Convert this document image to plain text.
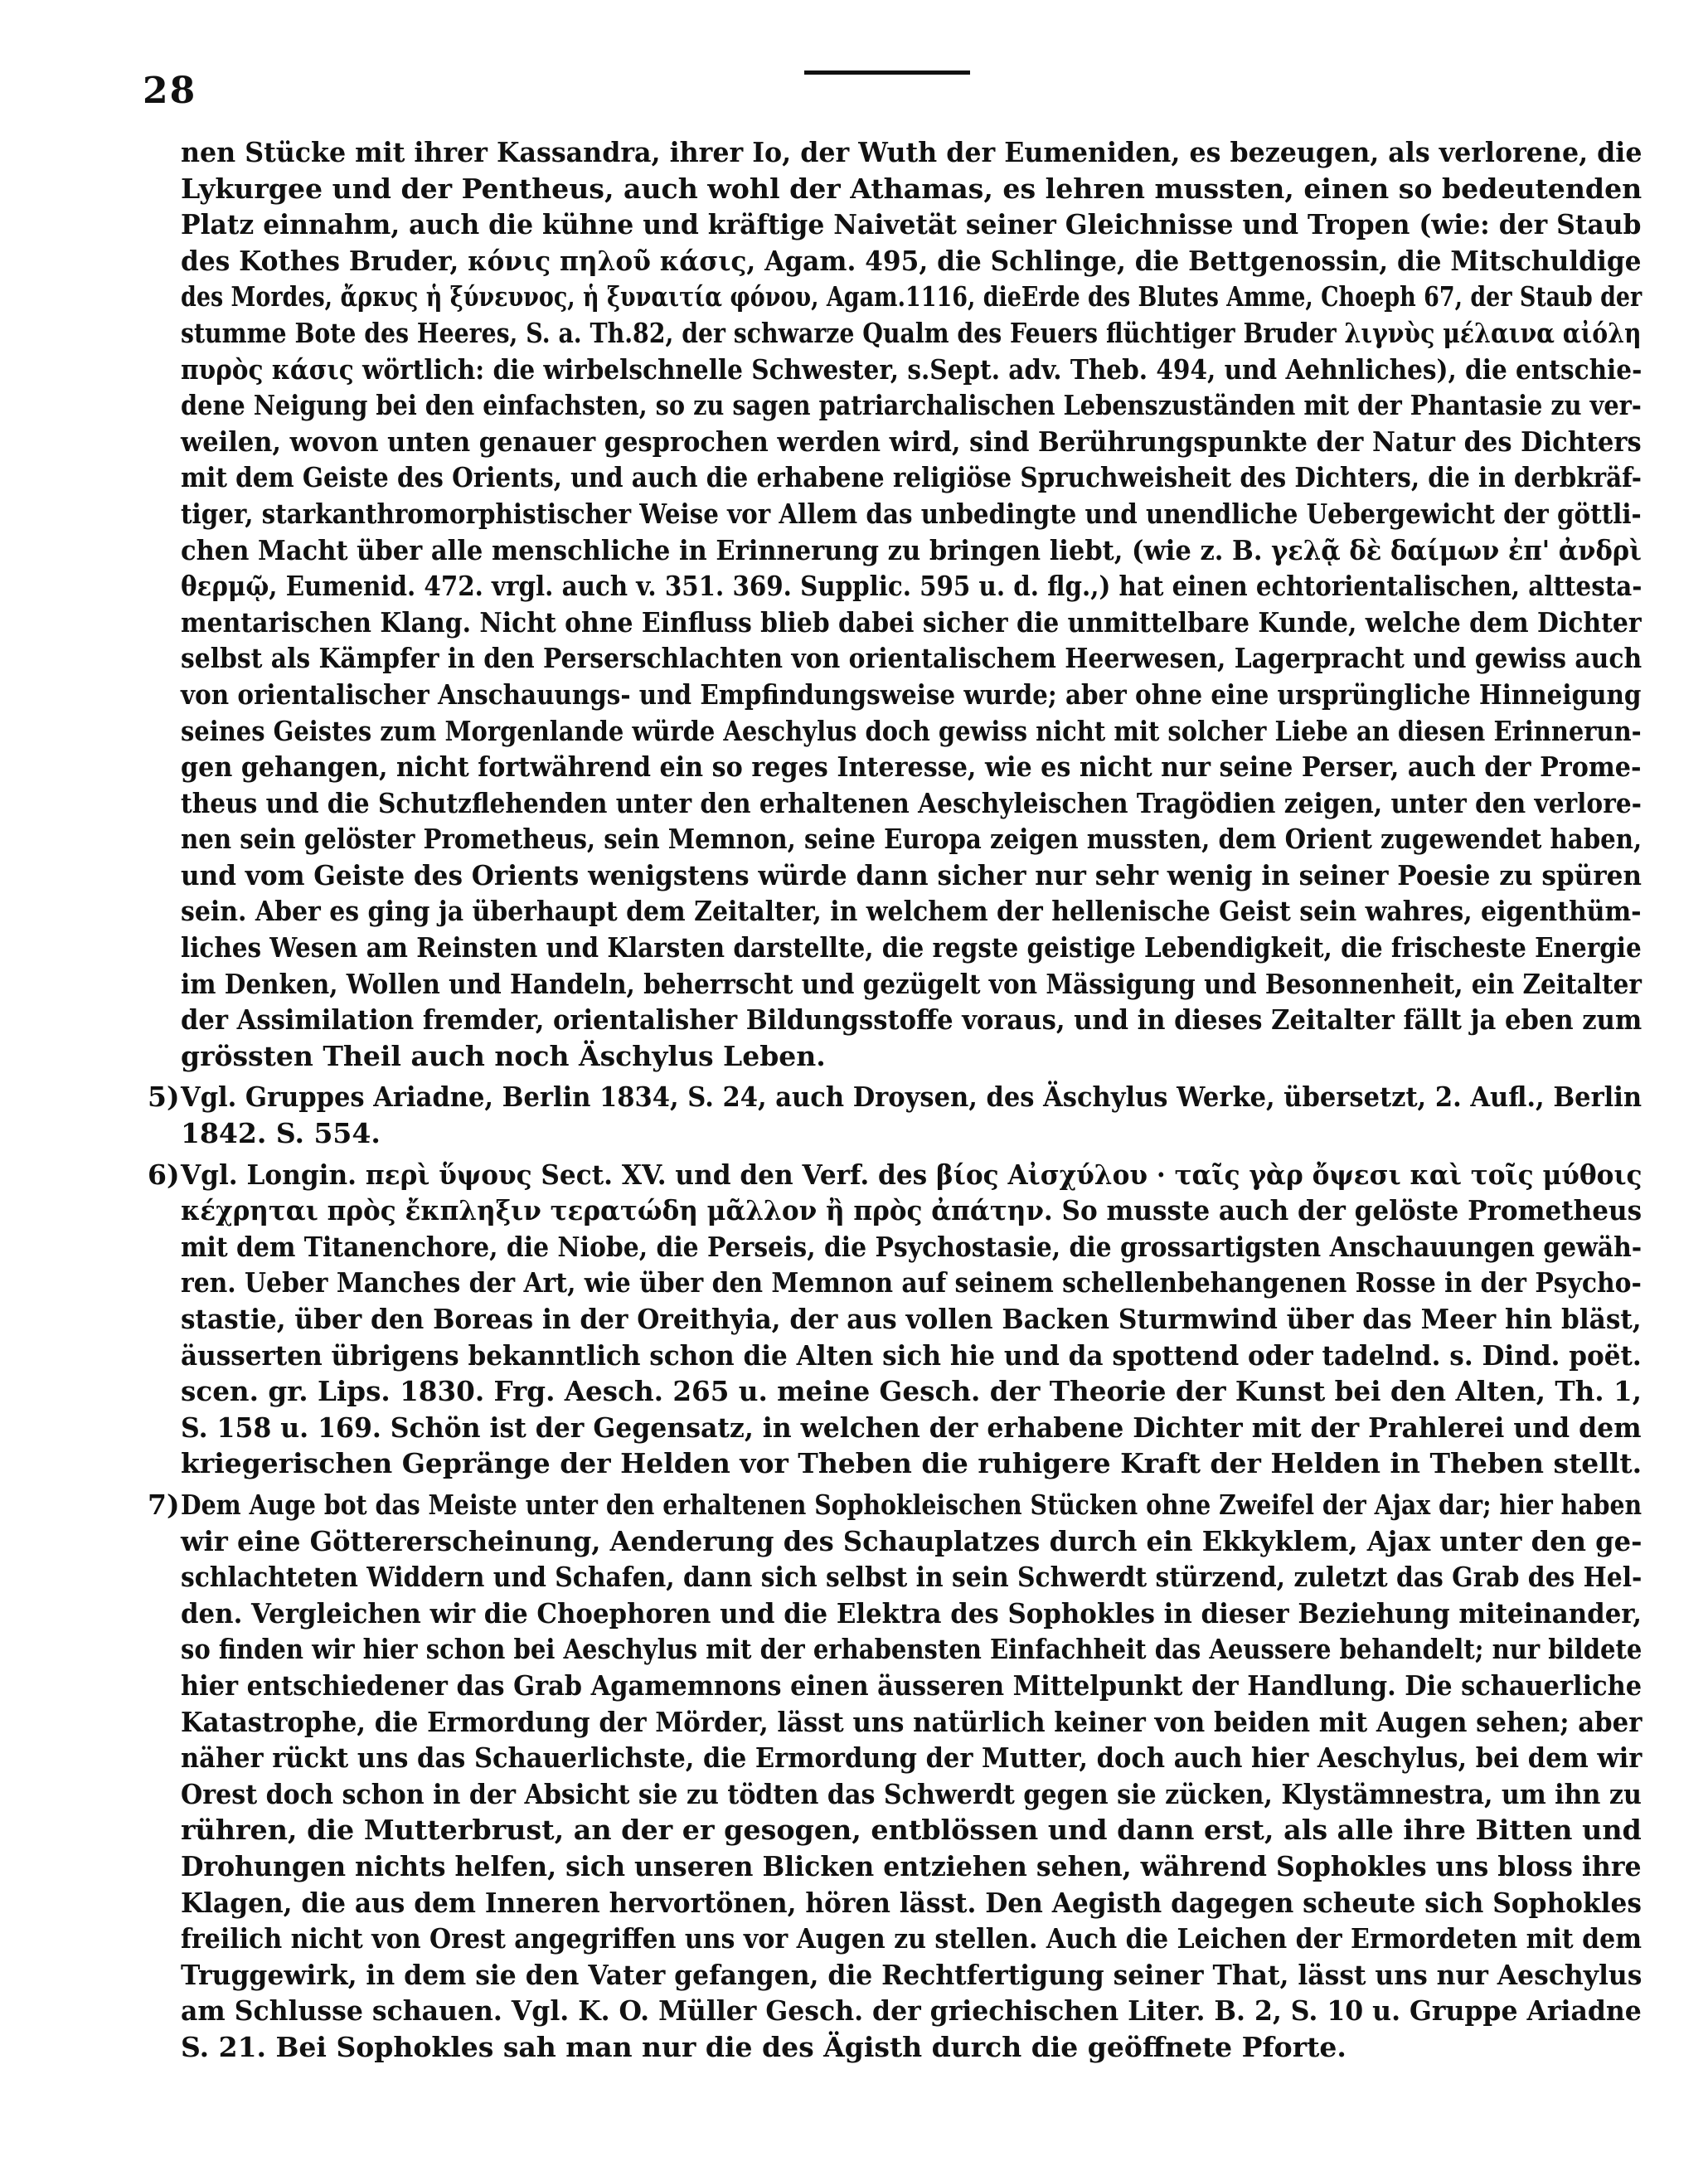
28
nen Stücke mit ihrer Kassandra, ihrer Io, der Wuth der Eumeniden, es bezeugen, als verlorene, die
Lykurgee und der Pentheus, auch wohl der Athamas, es lehren mussten, einen so bedeutenden
Platz einnahm, auch die kühne und kräftige Naivetät seiner Gleichnisse und Tropen (wie: der Staub
des Kothes Bruder, κόνις πηλοῦ κάσις, Agam. 495, die Schlinge, die Bettgenossin, die Mitschuldige
des Mordes, ἄρκυς ἡ ξύνευνος, ἡ ξυναιτία φόνου, Agam.1116, dieErde des Blutes Amme, Choeph 67, der Staub der
stumme Bote des Heeres, S. a. Th.82, der schwarze Qualm des Feuers flüchtiger Bruder λιγνὺς μέλαινα αἰόλη
πυρὸς κάσις wörtlich: die wirbelschnelle Schwester, s.Sept. adv. Theb. 494, und Aehnliches), die entschie-
dene Neigung bei den einfachsten, so zu sagen patriarchalischen Lebenszuständen mit der Phantasie zu ver-
weilen, wovon unten genauer gesprochen werden wird, sind Berührungspunkte der Natur des Dichters
mit dem Geiste des Orients, und auch die erhabene religiöse Spruchweisheit des Dichters, die in derbkräf-
tiger, starkanthromorphistischer Weise vor Allem das unbedingte und unendliche Uebergewicht der göttli-
chen Macht über alle menschliche in Erinnerung zu bringen liebt, (wie z. B. γελᾷ δὲ δαίμων ἐπ' ἀνδρὶ
θερμῷ, Eumenid. 472. vrgl. auch v. 351. 369. Supplic. 595 u. d. flg.,) hat einen echtorientalischen, alttesta-
mentarischen Klang. Nicht ohne Einfluss blieb dabei sicher die unmittelbare Kunde, welche dem Dichter
selbst als Kämpfer in den Perserschlachten von orientalischem Heerwesen, Lagerpracht und gewiss auch
von orientalischer Anschauungs- und Empfindungsweise wurde; aber ohne eine ursprüngliche Hinneigung
seines Geistes zum Morgenlande würde Aeschylus doch gewiss nicht mit solcher Liebe an diesen Erinnerun-
gen gehangen, nicht fortwährend ein so reges Interesse, wie es nicht nur seine Perser, auch der Prome-
theus und die Schutzflehenden unter den erhaltenen Aeschyleischen Tragödien zeigen, unter den verlore-
nen sein gelöster Prometheus, sein Memnon, seine Europa zeigen mussten, dem Orient zugewendet haben,
und vom Geiste des Orients wenigstens würde dann sicher nur sehr wenig in seiner Poesie zu spüren
sein. Aber es ging ja überhaupt dem Zeitalter, in welchem der hellenische Geist sein wahres, eigenthüm-
liches Wesen am Reinsten und Klarsten darstellte, die regste geistige Lebendigkeit, die frischeste Energie
im Denken, Wollen und Handeln, beherrscht und gezügelt von Mässigung und Besonnenheit, ein Zeitalter
der Assimilation fremder, orientalisher Bildungsstoffe voraus, und in dieses Zeitalter fällt ja eben zum
grössten Theil auch noch Äschylus Leben.
5) Vgl. Gruppes Ariadne, Berlin 1834, S. 24, auch Droysen, des Äschylus Werke, übersetzt, 2. Aufl., Berlin
1842. S. 554.
6) Vgl. Longin. περὶ ὕψους Sect. XV. und den Verf. des βίος Αἰσχύλου · ταῖς γὰρ ὄψεσι καὶ τοῖς μύθοις
κέχρηται πρὸς ἔκπληξιν τερατώδη μᾶλλον ἢ πρὸς ἀπάτην. So musste auch der gelöste Prometheus
mit dem Titanenchore, die Niobe, die Perseis, die Psychostasie, die grossartigsten Anschauungen gewäh-
ren. Ueber Manches der Art, wie über den Memnon auf seinem schellenbehangenen Rosse in der Psycho-
stastie, über den Boreas in der Oreithyia, der aus vollen Backen Sturmwind über das Meer hin bläst,
äusserten übrigens bekanntlich schon die Alten sich hie und da spottend oder tadelnd. s. Dind. poët.
scen. gr. Lips. 1830. Frg. Aesch. 265 u. meine Gesch. der Theorie der Kunst bei den Alten, Th. 1,
S. 158 u. 169. Schön ist der Gegensatz, in welchen der erhabene Dichter mit der Prahlerei und dem
kriegerischen Gepränge der Helden vor Theben die ruhigere Kraft der Helden in Theben stellt.
7) Dem Auge bot das Meiste unter den erhaltenen Sophokleischen Stücken ohne Zweifel der Ajax dar; hier haben
wir eine Göttererscheinung, Aenderung des Schauplatzes durch ein Ekkyklem, Ajax unter den ge-
schlachteten Widdern und Schafen, dann sich selbst in sein Schwerdt stürzend, zuletzt das Grab des Hel-
den. Vergleichen wir die Choephoren und die Elektra des Sophokles in dieser Beziehung miteinander,
so finden wir hier schon bei Aeschylus mit der erhabensten Einfachheit das Aeussere behandelt; nur bildete
hier entschiedener das Grab Agamemnons einen äusseren Mittelpunkt der Handlung. Die schauerliche
Katastrophe, die Ermordung der Mörder, lässt uns natürlich keiner von beiden mit Augen sehen; aber
näher rückt uns das Schauerlichste, die Ermordung der Mutter, doch auch hier Aeschylus, bei dem wir
Orest doch schon in der Absicht sie zu tödten das Schwerdt gegen sie zücken, Klystämnestra, um ihn zu
rühren, die Mutterbrust, an der er gesogen, entblössen und dann erst, als alle ihre Bitten und
Drohungen nichts helfen, sich unseren Blicken entziehen sehen, während Sophokles uns bloss ihre
Klagen, die aus dem Inneren hervortönen, hören lässt. Den Aegisth dagegen scheute sich Sophokles
freilich nicht von Orest angegriffen uns vor Augen zu stellen. Auch die Leichen der Ermordeten mit dem
Truggewirk, in dem sie den Vater gefangen, die Rechtfertigung seiner That, lässt uns nur Aeschylus
am Schlusse schauen. Vgl. K. O. Müller Gesch. der griechischen Liter. B. 2, S. 10 u. Gruppe Ariadne
S. 21. Bei Sophokles sah man nur die des Ägisth durch die geöffnete Pforte.
